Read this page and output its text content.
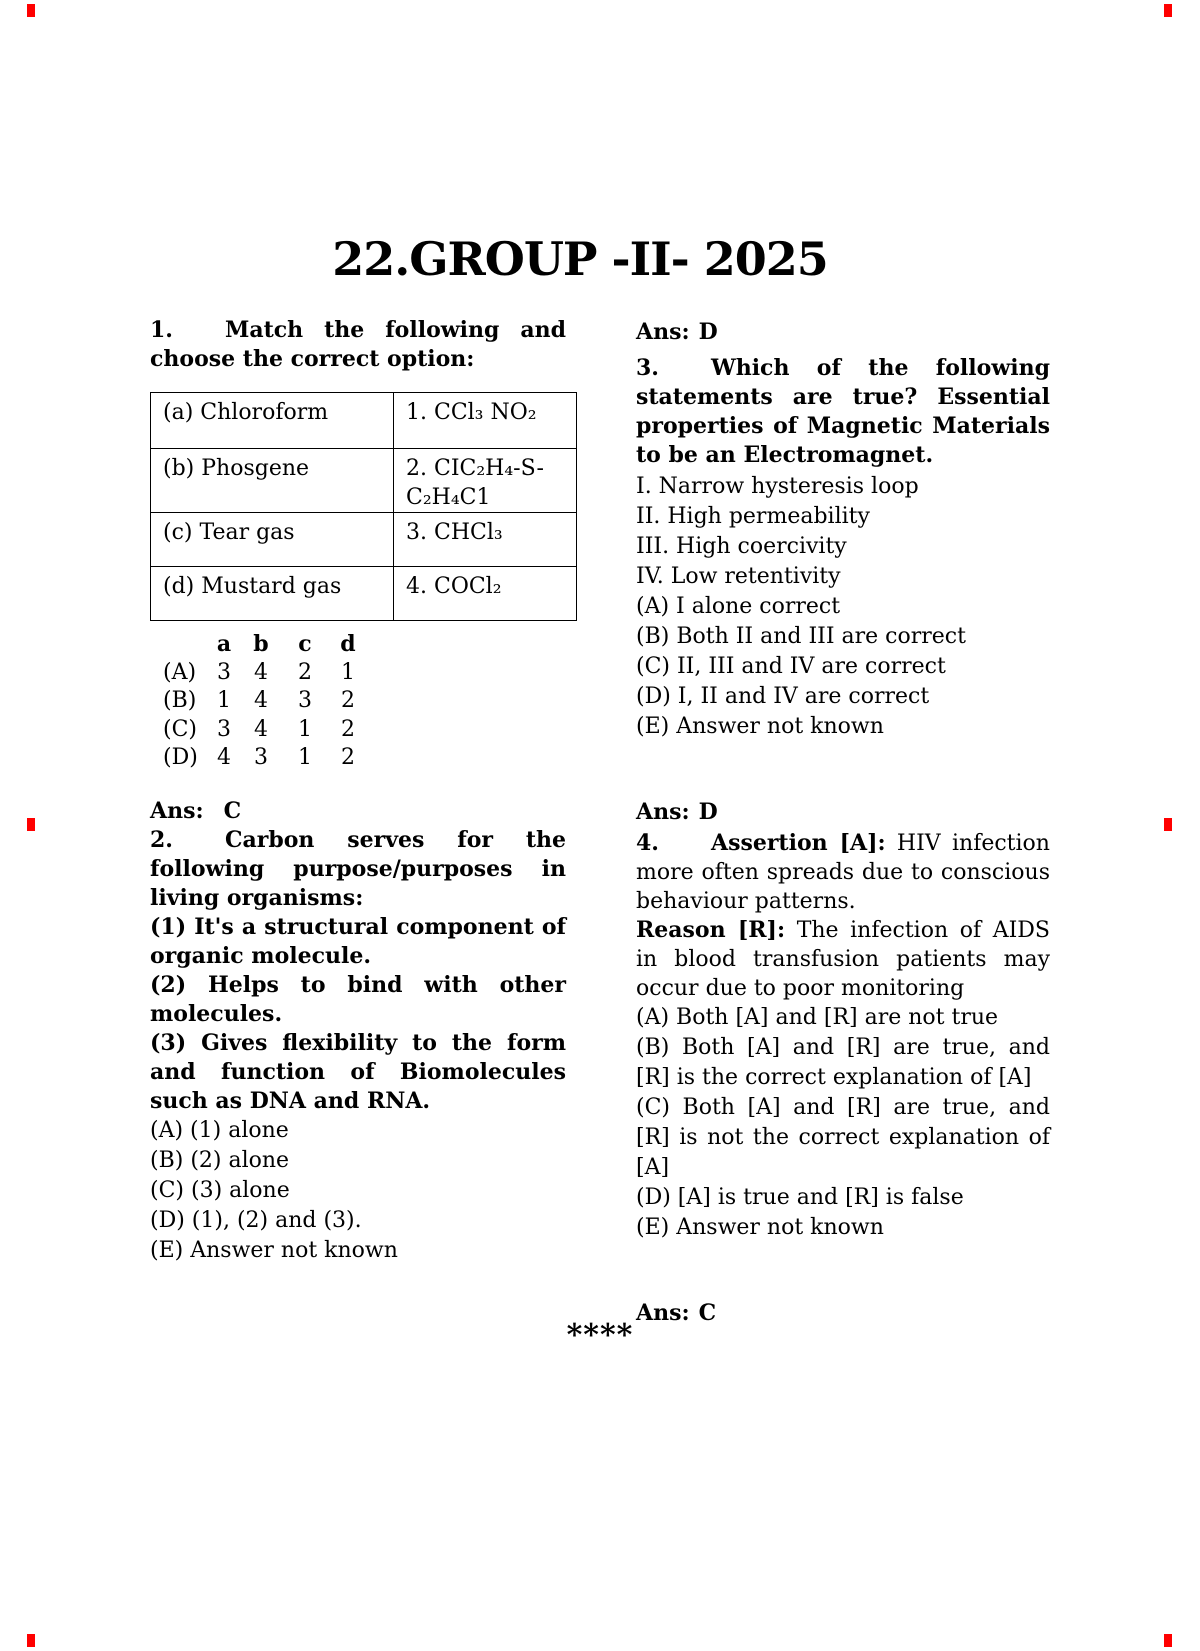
22.GROUP -II- 2025
1. Match the following and choose the correct option:
(a) Chloroform	1. CCl₃ NO₂
(b) Phosgene	2. CIC₂H₄-S- C₂H₄C1
(c) Tear gas	3. CHCl₃
(d) Mustard gas	4. COCl₂
a	b	c	d
(A) 3	4	2	1
(B) 1	4	3	2
(C) 3	4	1	2
(D) 4	3	1	2
Ans: C
2. Carbon serves for the following purpose/purposes in living organisms:
(1) It's a structural component of organic molecule.
(2) Helps to bind with other molecules.
(3) Gives flexibility to the form and function of Biomolecules such as DNA and RNA.
(A) (1) alone
(B) (2) alone
(C) (3) alone
(D) (1), (2) and (3).
(E) Answer not known
Ans: D
3. Which of the following statements are true? Essential properties of Magnetic Materials to be an Electromagnet.
I. Narrow hysteresis loop
II. High permeability
III. High coercivity
IV. Low retentivity
(A) I alone correct
(B) Both II and III are correct
(C) II, III and IV are correct
(D) I, II and IV are correct
(E) Answer not known
Ans: D
4. Assertion [A]: HIV infection more often spreads due to conscious behaviour patterns.
Reason [R]: The infection of AIDS in blood transfusion patients may occur due to poor monitoring
(A) Both [A] and [R] are not true
(B) Both [A] and [R] are true, and [R] is the correct explanation of [A]
(C) Both [A] and [R] are true, and [R] is not the correct explanation of [A]
(D) [A] is true and [R] is false
(E) Answer not known
Ans: C
****
